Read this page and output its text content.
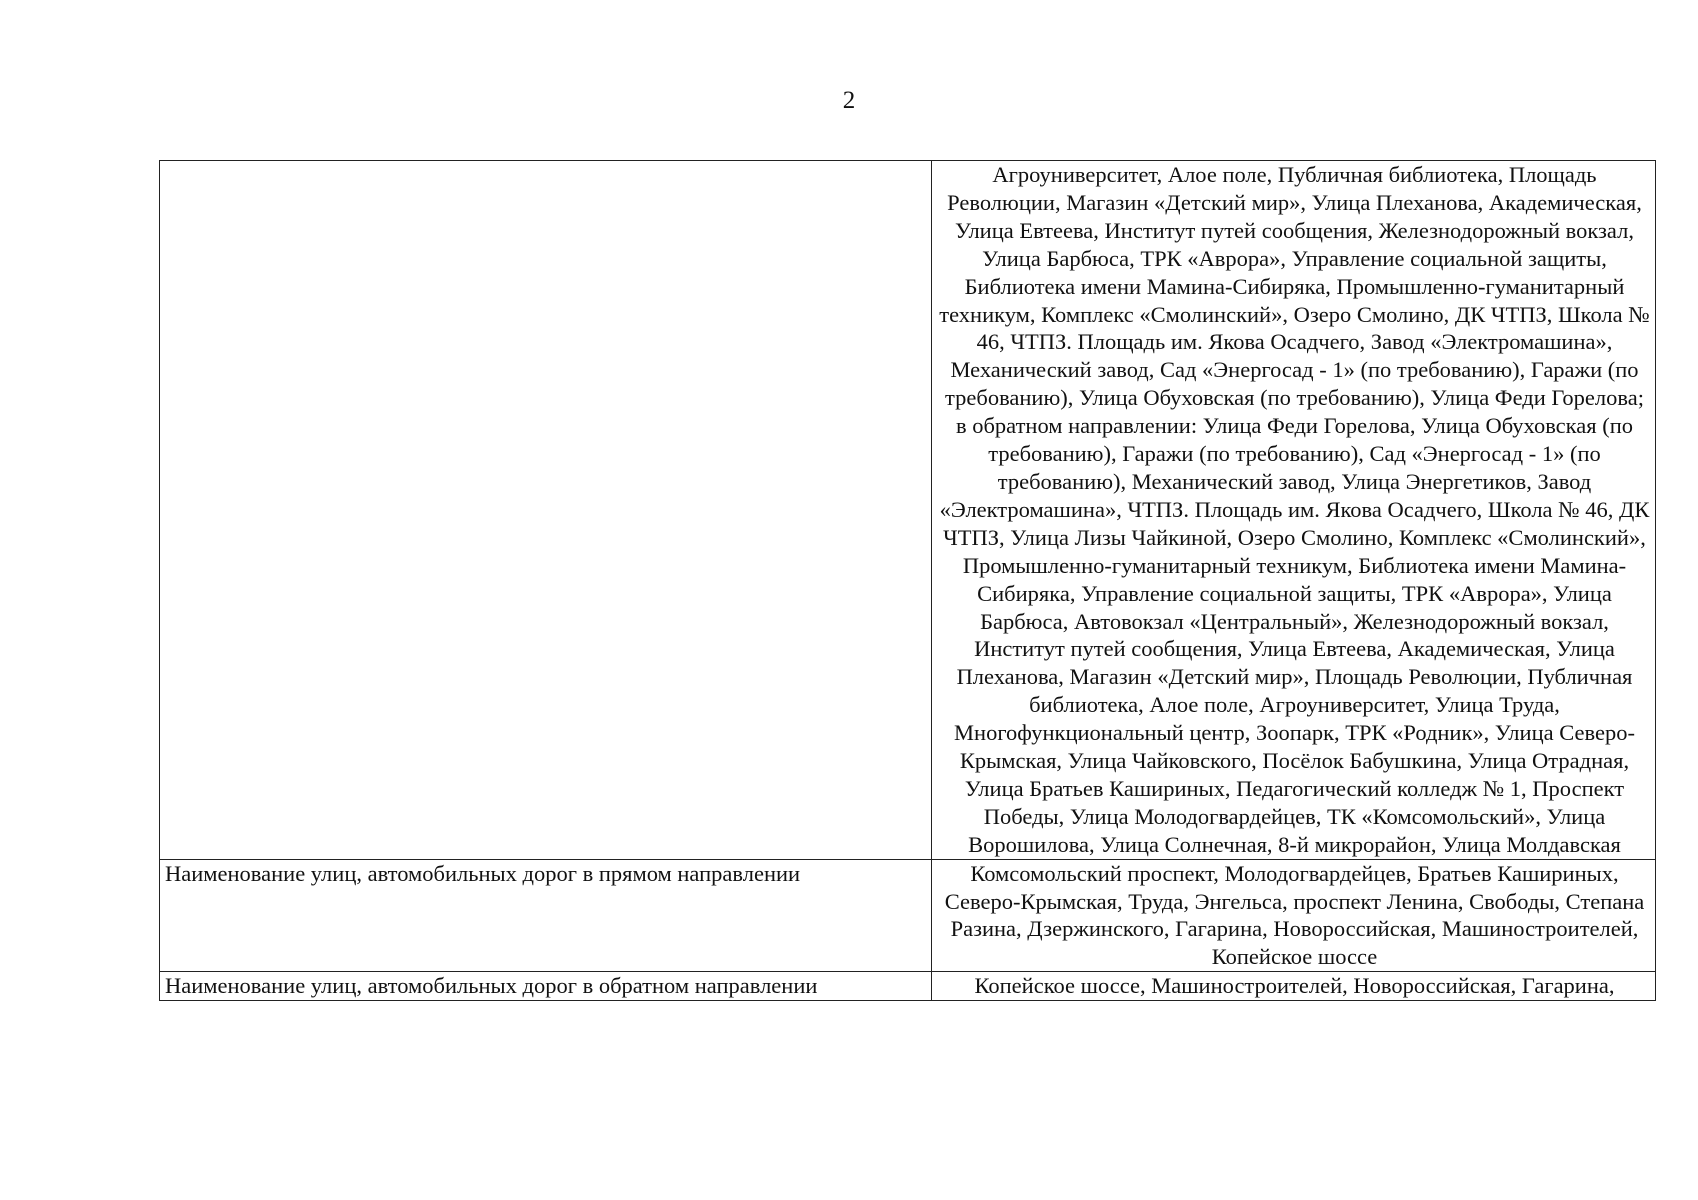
2

	Агроуниверситет, Алое поле, Публичная библиотека, Площадь Революции, Магазин «Детский мир», Улица Плеханова, Академическая, Улица Евтеева, Институт путей сообщения, Железнодорожный вокзал, Улица Барбюса, ТРК «Аврора», Управление социальной защиты, Библиотека имени Мамина-Сибиряка, Промышленно-гуманитарный техникум, Комплекс «Смолинский», Озеро Смолино, ДК ЧТПЗ, Школа № 46, ЧТПЗ. Площадь им. Якова Осадчего, Завод «Электромашина», Механический завод, Сад «Энергосад - 1» (по требованию), Гаражи (по требованию), Улица Обуховская (по требованию), Улица Феди Горелова;
в обратном направлении: Улица Феди Горелова, Улица Обуховская (по требованию), Гаражи (по требованию), Сад «Энергосад - 1» (по требованию), Механический завод, Улица Энергетиков, Завод «Электромашина», ЧТПЗ. Площадь им. Якова Осадчего, Школа № 46, ДК ЧТПЗ, Улица Лизы Чайкиной, Озеро Смолино, Комплекс «Смолинский», Промышленно-гуманитарный техникум, Библиотека имени Мамина-Сибиряка, Управление социальной защиты, ТРК «Аврора», Улица Барбюса, Автовокзал «Центральный», Железнодорожный вокзал, Институт путей сообщения, Улица Евтеева, Академическая, Улица Плеханова, Магазин «Детский мир», Площадь Революции, Публичная библиотека, Алое поле, Агроуниверситет, Улица Труда, Многофункциональный центр, Зоопарк, ТРК «Родник», Улица Северо-Крымская, Улица Чайковского, Посёлок Бабушкина, Улица Отрадная, Улица Братьев Кашириных, Педагогический колледж № 1, Проспект Победы, Улица Молодогвардейцев, ТК «Комсомольский», Улица Ворошилова, Улица Солнечная, 8-й микрорайон, Улица Молдавская

Наименование улиц, автомобильных дорог в прямом направлении	Комсомольский проспект, Молодогвардейцев, Братьев Кашириных, Северо-Крымская, Труда, Энгельса, проспект Ленина, Свободы, Степана Разина, Дзержинского, Гагарина, Новороссийская, Машиностроителей, Копейское шоссе

Наименование улиц, автомобильных дорог в обратном направлении	Копейское шоссе, Машиностроителей, Новороссийская, Гагарина,
